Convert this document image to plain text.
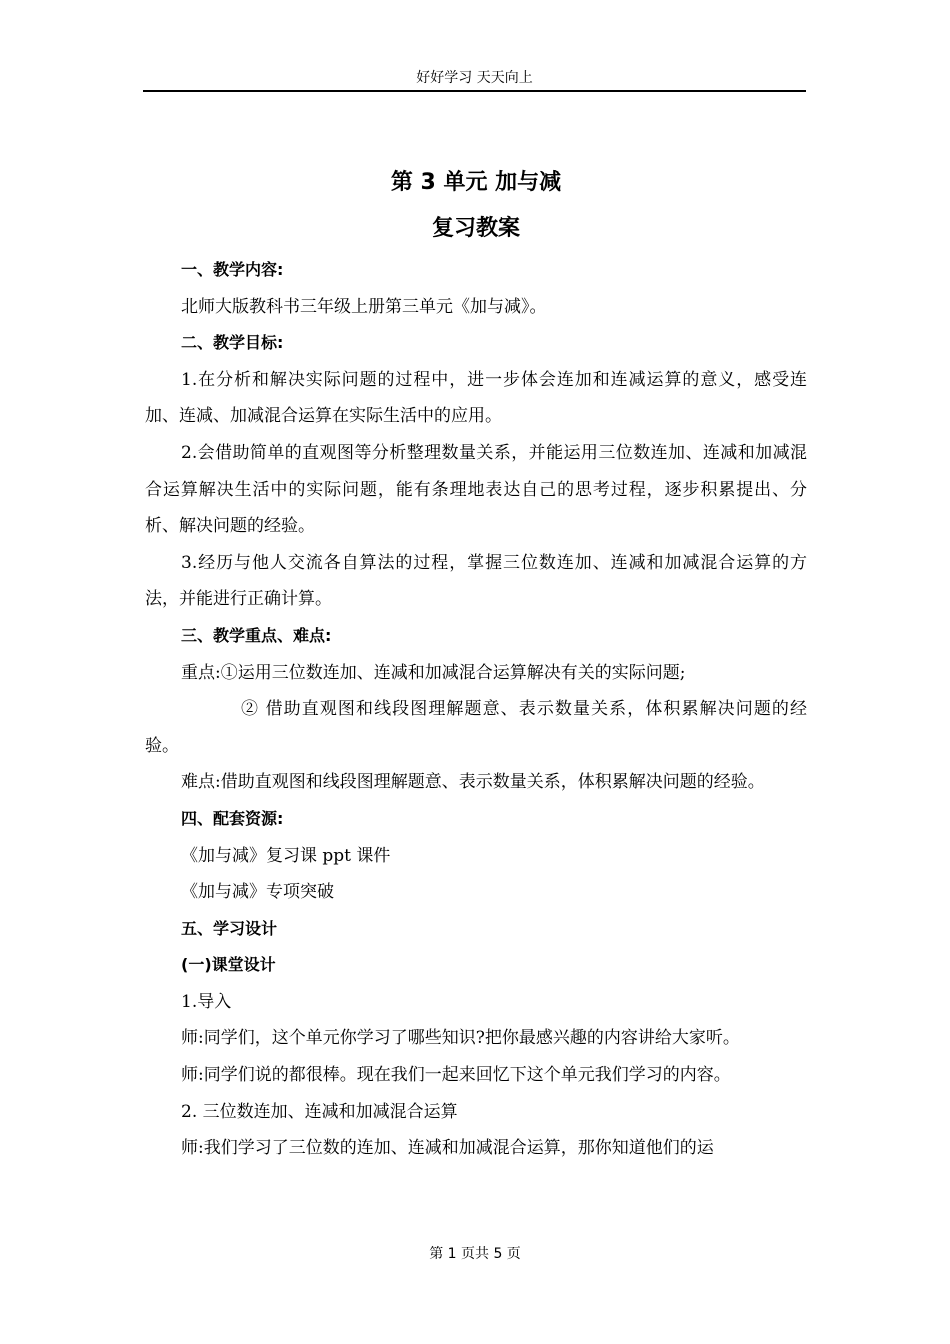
好好学习 天天向上
第 3 单元 加与减
复习教案
一、教学内容:
北师大版教科书三年级上册第三单元《加与减》。
二、教学目标:
1.在分析和解决实际问题的过程中，进一步体会连加和连减运算的意义，感受连加、连减、加减混合运算在实际生活中的应用。
2.会借助简单的直观图等分析整理数量关系，并能运用三位数连加、连减和加减混合运算解决生活中的实际问题，能有条理地表达自己的思考过程，逐步积累提出、分析、解决问题的经验。
3.经历与他人交流各自算法的过程，掌握三位数连加、连减和加减混合运算的方法，并能进行正确计算。
三、教学重点、难点:
重点:①运用三位数连加、连减和加减混合运算解决有关的实际问题;
② 借助直观图和线段图理解题意、表示数量关系，体积累解决问题的经验。
难点:借助直观图和线段图理解题意、表示数量关系，体积累解决问题的经验。
四、配套资源:
《加与减》复习课 ppt 课件
《加与减》专项突破
五、学习设计
(一)课堂设计
1.导入
师:同学们，这个单元你学习了哪些知识?把你最感兴趣的内容讲给大家听。
师:同学们说的都很棒。现在我们一起来回忆下这个单元我们学习的内容。
2. 三位数连加、连减和加减混合运算
师:我们学习了三位数的连加、连减和加减混合运算，那你知道他们的运
第 1 页共 5 页
